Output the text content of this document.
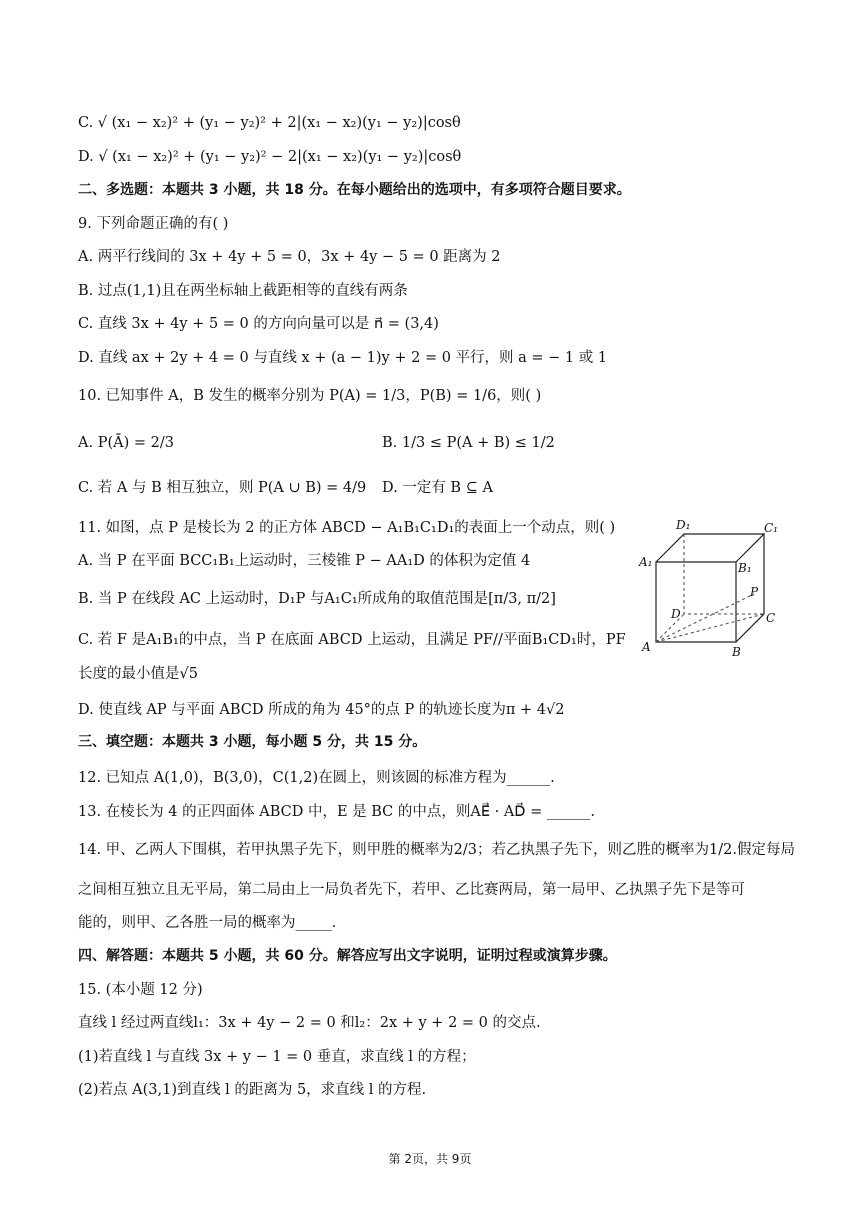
C. √ (x₁ − x₂)² + (y₁ − y₂)² + 2|(x₁ − x₂)(y₁ − y₂)|cosθ
D. √ (x₁ − x₂)² + (y₁ − y₂)² − 2|(x₁ − x₂)(y₁ − y₂)|cosθ
二、多选题：本题共 3 小题，共 18 分。在每小题给出的选项中，有多项符合题目要求。
9. 下列命题正确的有( )
A. 两平行线间的 3x + 4y + 5 = 0，3x + 4y − 5 = 0 距离为 2
B. 过点(1,1)且在两坐标轴上截距相等的直线有两条
C. 直线 3x + 4y + 5 = 0 的方向向量可以是 n⃗ = (3,4)
D. 直线 ax + 2y + 4 = 0 与直线 x + (a − 1)y + 2 = 0 平行，则 a = − 1 或 1
10. 已知事件 A，B 发生的概率分别为 P(A) = 1/3，P(B) = 1/6，则( )
A. P(Ā) = 2/3	B. 1/3 ≤ P(A + B) ≤ 1/2
C. 若 A 与 B 相互独立，则 P(A ∪ B) = 4/9 D. 一定有 B ⊆ A
11. 如图，点 P 是棱长为 2 的正方体 ABCD − A₁B₁C₁D₁的表面上一个动点，则( )
A. 当 P 在平面 BCC₁B₁上运动时，三棱锥 P − AA₁D 的体积为定值 4
B. 当 P 在线段 AC 上运动时，D₁P 与A₁C₁所成角的取值范围是[π/3, π/2]
C. 若 F 是A₁B₁的中点，当 P 在底面 ABCD 上运动，且满足 PF//平面B₁CD₁时，PF
长度的最小值是√5
D. 使直线 AP 与平面 ABCD 所成的角为 45°的点 P 的轨迹长度为π + 4√2
D₁	C₁
A₁	B₁
D
P
C
A	B
三、填空题：本题共 3 小题，每小题 5 分，共 15 分。
12. 已知点 A(1,0)，B(3,0)，C(1,2)在圆上，则该圆的标准方程为______.
13. 在棱长为 4 的正四面体 ABCD 中，E 是 BC 的中点，则AE⃗ · AD⃗ = ______.
14. 甲、乙两人下围棋，若甲执黑子先下，则甲胜的概率为2/3；若乙执黑子先下，则乙胜的概率为1/2.假定每局
之间相互独立且无平局，第二局由上一局负者先下，若甲、乙比赛两局，第一局甲、乙执黑子先下是等可
能的，则甲、乙各胜一局的概率为_____.
四、解答题：本题共 5 小题，共 60 分。解答应写出文字说明，证明过程或演算步骤。
15. (本小题 12 分)
直线 l 经过两直线l₁：3x + 4y − 2 = 0 和l₂：2x + y + 2 = 0 的交点.
(1)若直线 l 与直线 3x + y − 1 = 0 垂直，求直线 l 的方程；
(2)若点 A(3,1)到直线 l 的距离为 5，求直线 l 的方程.
第 2页，共 9页
